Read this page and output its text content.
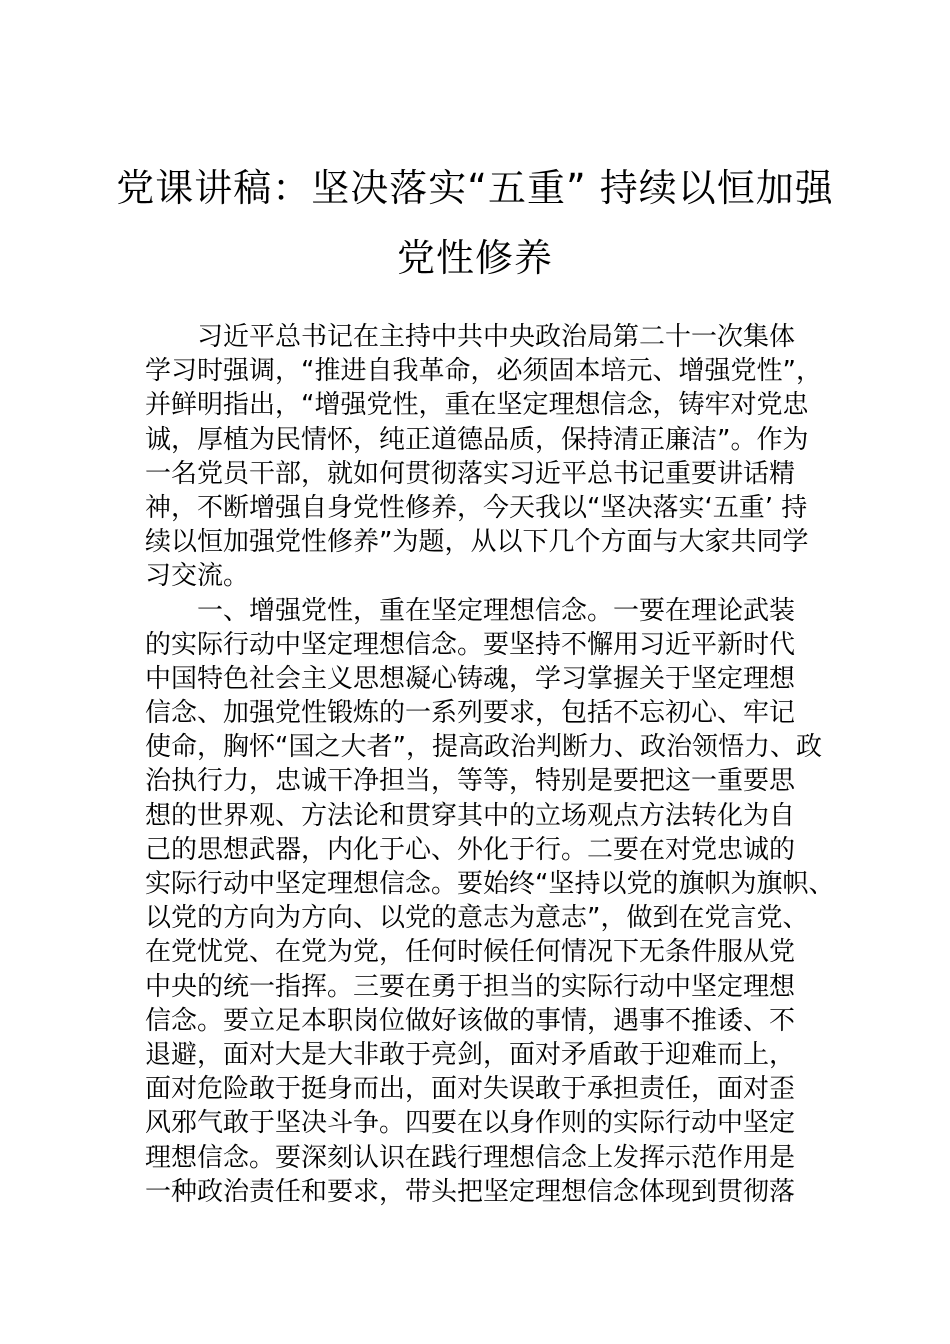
党课讲稿：坚决落实“五重” 持续以恒加强
党性修养
习近平总书记在主持中共中央政治局第二十一次集体
学习时强调，“推进自我革命，必须固本培元、增强党性”，
并鲜明指出，“增强党性，重在坚定理想信念，铸牢对党忠
诚，厚植为民情怀，纯正道德品质，保持清正廉洁”。作为
一名党员干部，就如何贯彻落实习近平总书记重要讲话精
神，不断增强自身党性修养，今天我以“坚决落实‘五重’ 持
续以恒加强党性修养”为题，从以下几个方面与大家共同学
习交流。
一、增强党性，重在坚定理想信念。一要在理论武装
的实际行动中坚定理想信念。要坚持不懈用习近平新时代
中国特色社会主义思想凝心铸魂，学习掌握关于坚定理想
信念、加强党性锻炼的一系列要求，包括不忘初心、牢记
使命，胸怀“国之大者”，提高政治判断力、政治领悟力、政
治执行力，忠诚干净担当，等等，特别是要把这一重要思
想的世界观、方法论和贯穿其中的立场观点方法转化为自
己的思想武器，内化于心、外化于行。二要在对党忠诚的
实际行动中坚定理想信念。要始终“坚持以党的旗帜为旗帜、
以党的方向为方向、以党的意志为意志”，做到在党言党、
在党忧党、在党为党，任何时候任何情况下无条件服从党
中央的统一指挥。三要在勇于担当的实际行动中坚定理想
信念。要立足本职岗位做好该做的事情，遇事不推诿、不
退避，面对大是大非敢于亮剑，面对矛盾敢于迎难而上，
面对危险敢于挺身而出，面对失误敢于承担责任，面对歪
风邪气敢于坚决斗争。四要在以身作则的实际行动中坚定
理想信念。要深刻认识在践行理想信念上发挥示范作用是
一种政治责任和要求，带头把坚定理想信念体现到贯彻落
